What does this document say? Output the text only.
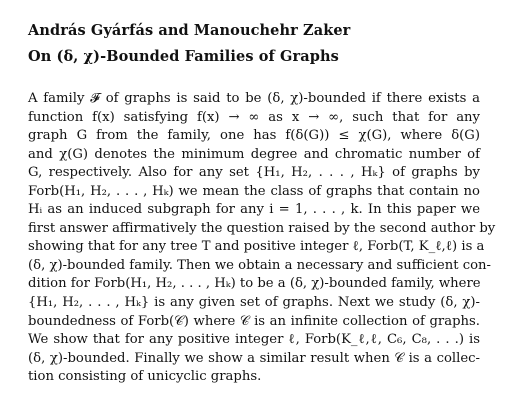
András Gyárfás and Manouchehr Zaker
On (δ, χ)-Bounded Families of Graphs
A family 𝓕 of graphs is said to be (δ, χ)-bounded if there exists a
function f(x) satisfying f(x) → ∞ as x → ∞, such that for any
graph G from the family, one has f(δ(G)) ≤ χ(G), where δ(G)
and χ(G) denotes the minimum degree and chromatic number of
G, respectively. Also for any set {H₁, H₂, . . . , Hₖ} of graphs by
Forb(H₁, H₂, . . . , Hₖ) we mean the class of graphs that contain no
Hᵢ as an induced subgraph for any i = 1, . . . , k. In this paper we
first answer affirmatively the question raised by the second author by
showing that for any tree T and positive integer ℓ, Forb(T, K_ℓ,ℓ) is a
(δ, χ)-bounded family. Then we obtain a necessary and sufficient con-
dition for Forb(H₁, H₂, . . . , Hₖ) to be a (δ, χ)-bounded family, where
{H₁, H₂, . . . , Hₖ} is any given set of graphs. Next we study (δ, χ)-
boundedness of Forb(𝒞) where 𝒞 is an infinite collection of graphs.
We show that for any positive integer ℓ, Forb(K_ℓ,ℓ, C₆, C₈, . . .) is
(δ, χ)-bounded. Finally we show a similar result when 𝒞 is a collec-
tion consisting of unicyclic graphs.
